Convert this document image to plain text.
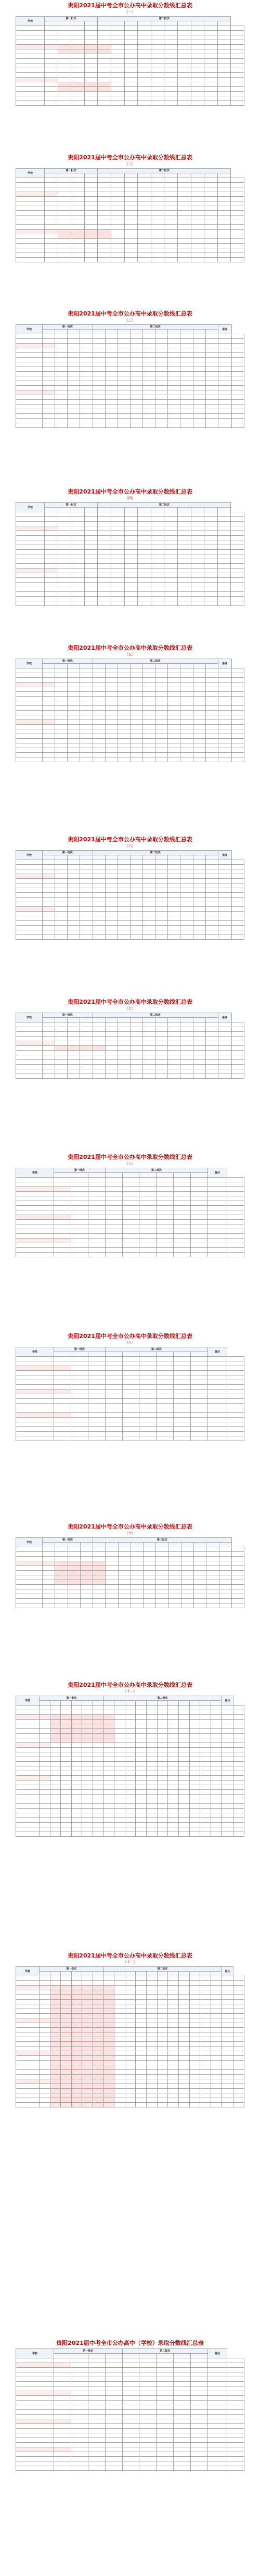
贵阳2021届中考全市公办高中录取分数线汇总表
（一）
学校	第一批次				第二批次										

贵阳2021届中考全市公办高中录取分数线汇总表
（二）
学校	第一批次				第二批次										

贵阳2021届中考全市公办高中录取分数线汇总表
（三）
学校	第一批次				第二批次										备注	

贵阳2021届中考全市公办高中录取分数线汇总表
（四）
学校	第一批次				第二批次										

贵阳2021届中考全市公办高中录取分数线汇总表
（五）
学校	第一批次				第二批次										备注	

贵阳2021届中考全市公办高中录取分数线汇总表
（六）
学校	第一批次				第二批次										备注	

贵阳2021届中考全市公办高中录取分数线汇总表
（七）
学校	第一批次				第二批次										备注	

贵阳2021届中考全市公办高中录取分数线汇总表
（八）
学校	第一批次			第二批次						备注	

贵阳2021届中考全市公办高中录取分数线汇总表
（九）
学校	第一批次			第二批次						备注	

贵阳2021届中考全市公办高中录取分数线汇总表
（十）
学校	第一批次				第二批次											

贵阳2021届中考全市公办高中录取分数线汇总表
（十一）
学校	第一批次						第二批次											备注	

贵阳2021届中考全市公办高中录取分数线汇总表
（十二）
学校	第一批次						第二批次											备注	

贵阳2021届中考全市公办高中（学校）录取分数线汇总表
学校	第一批次				第二批次					备注	
